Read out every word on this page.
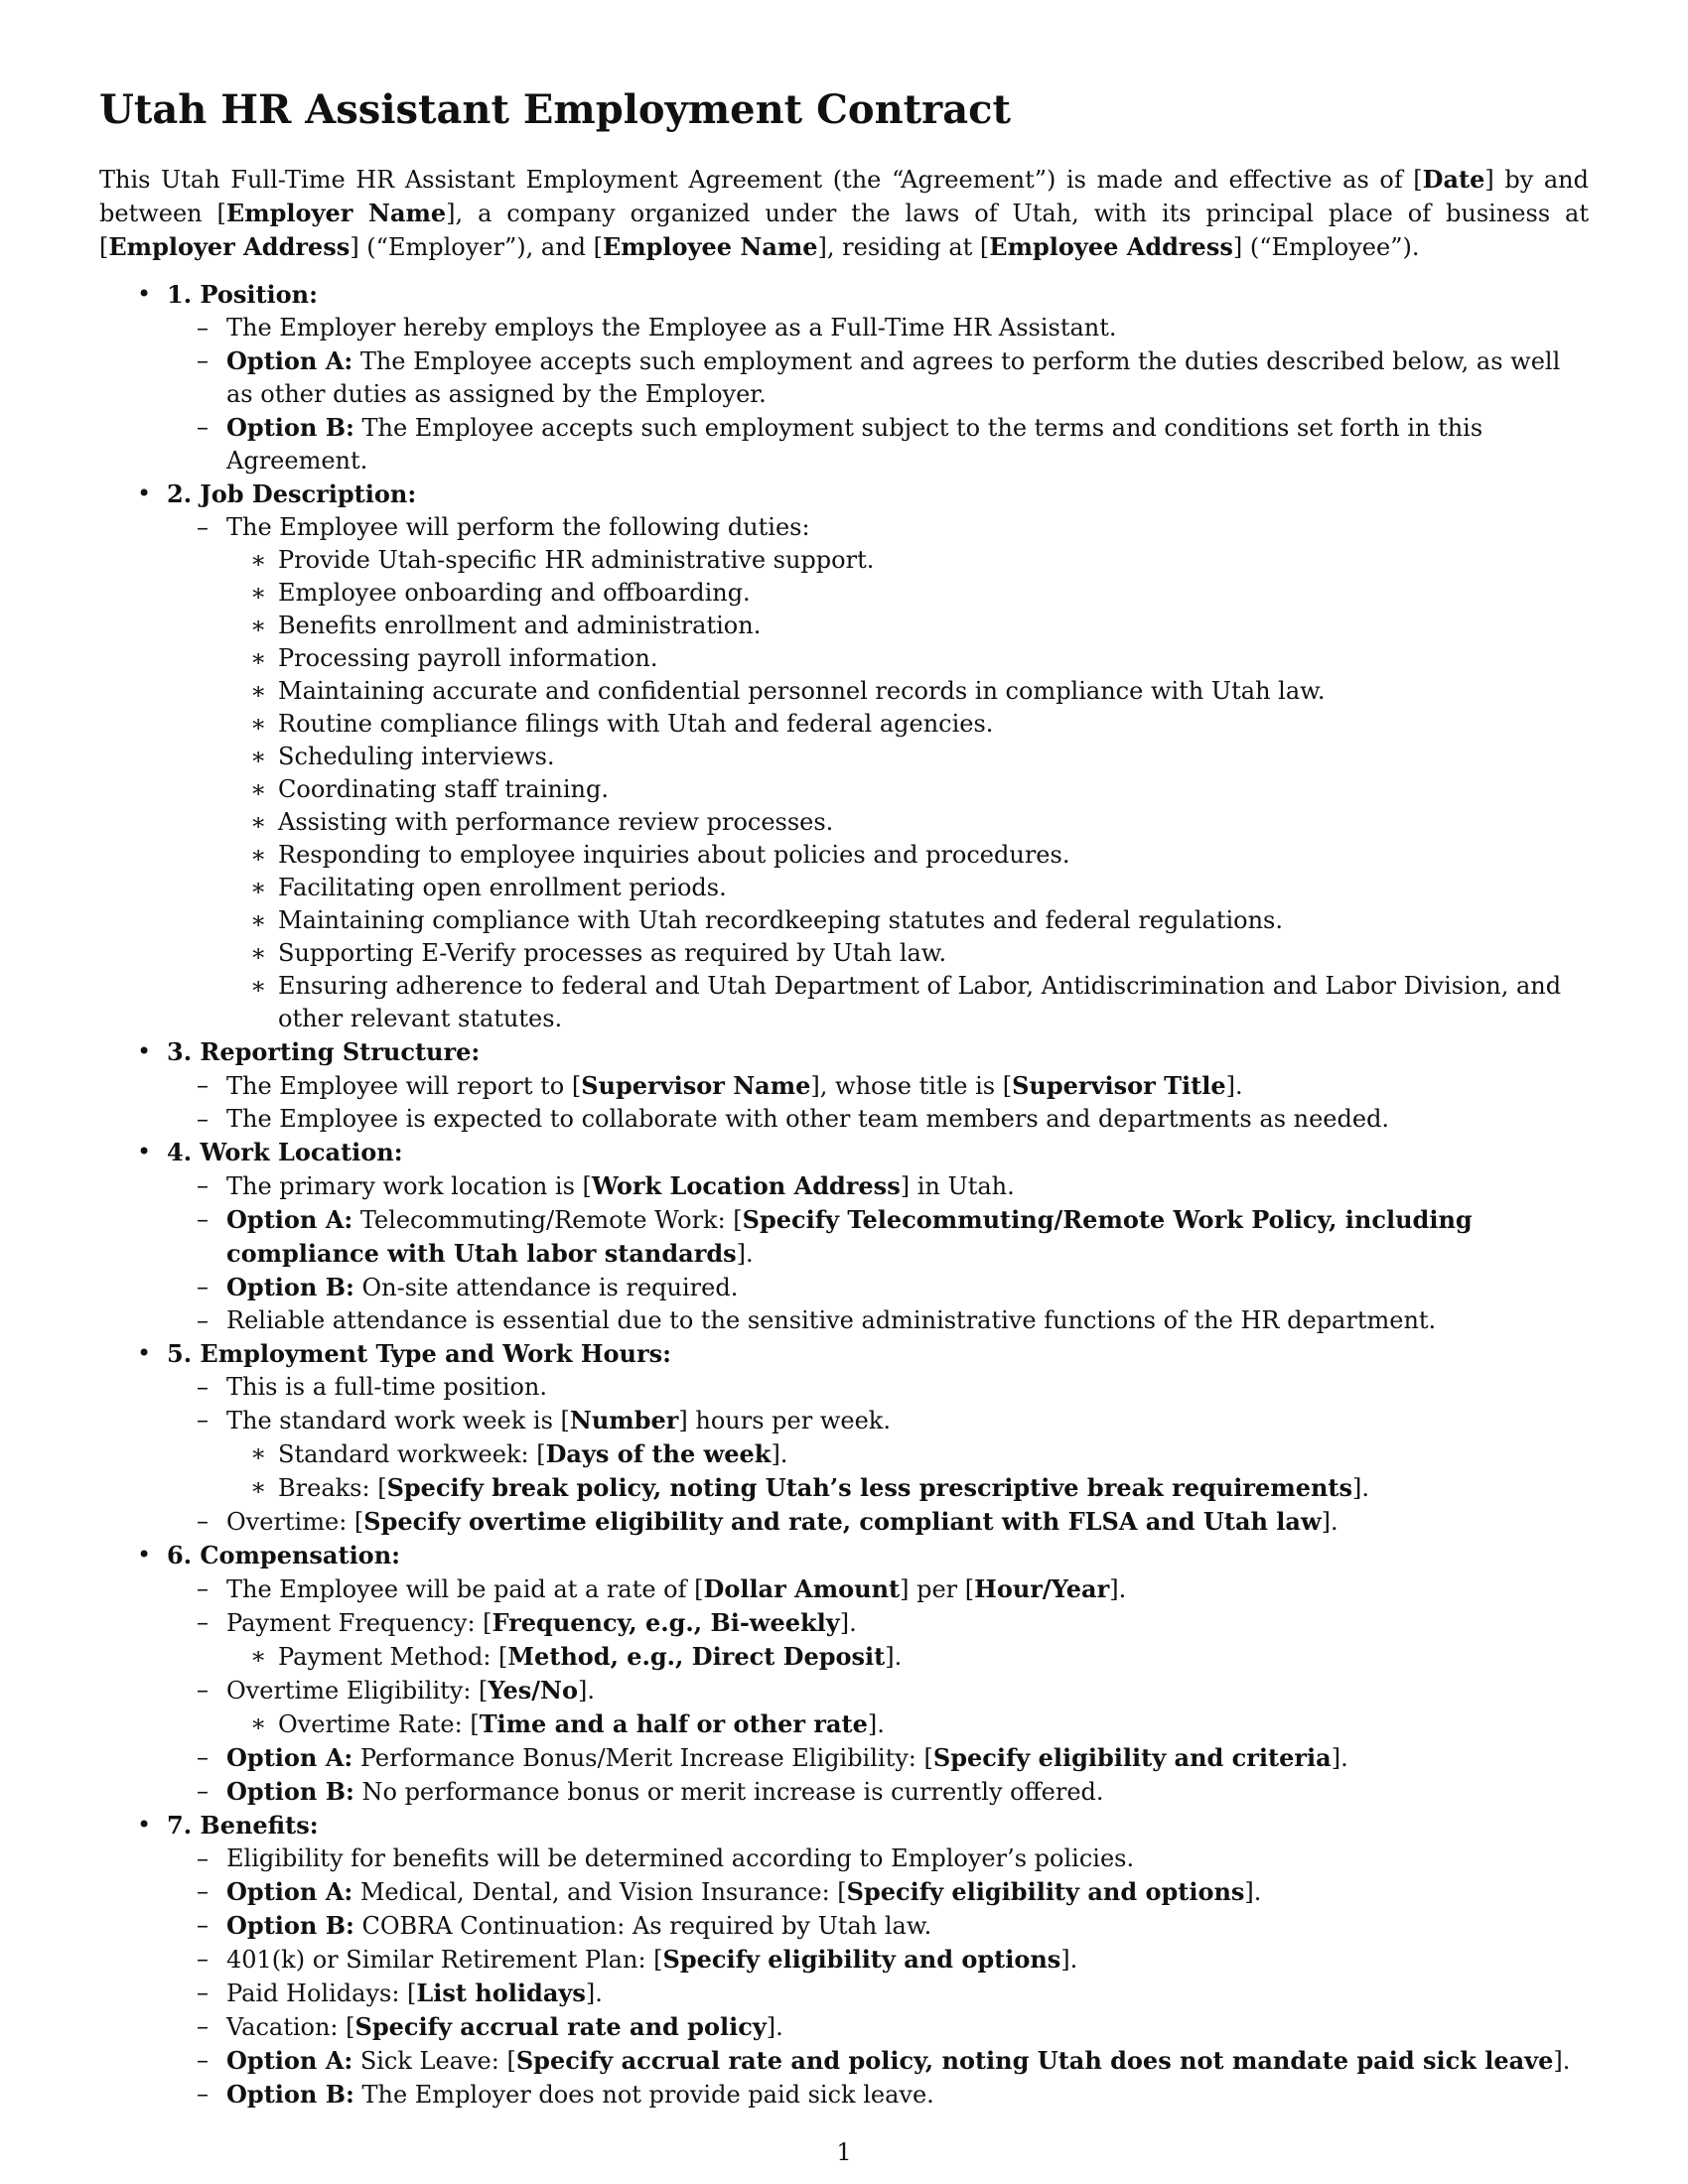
Utah HR Assistant Employment Contract

This Utah Full-Time HR Assistant Employment Agreement (the “Agreement”) is made and effective as of [Date] by and between [Employer Name], a company organized under the laws of Utah, with its principal place of business at [Employer Address] (“Employer”), and [Employee Name], residing at [Employee Address] (“Employee”).

• 1. Position:
– The Employer hereby employs the Employee as a Full-Time HR Assistant.
– Option A: The Employee accepts such employment and agrees to perform the duties described below, as well as other duties as assigned by the Employer.
– Option B: The Employee accepts such employment subject to the terms and conditions set forth in this Agreement.
• 2. Job Description:
– The Employee will perform the following duties:
∗ Provide Utah-specific HR administrative support.
∗ Employee onboarding and offboarding.
∗ Benefits enrollment and administration.
∗ Processing payroll information.
∗ Maintaining accurate and confidential personnel records in compliance with Utah law.
∗ Routine compliance filings with Utah and federal agencies.
∗ Scheduling interviews.
∗ Coordinating staff training.
∗ Assisting with performance review processes.
∗ Responding to employee inquiries about policies and procedures.
∗ Facilitating open enrollment periods.
∗ Maintaining compliance with Utah recordkeeping statutes and federal regulations.
∗ Supporting E-Verify processes as required by Utah law.
∗ Ensuring adherence to federal and Utah Department of Labor, Antidiscrimination and Labor Division, and other relevant statutes.
• 3. Reporting Structure:
– The Employee will report to [Supervisor Name], whose title is [Supervisor Title].
– The Employee is expected to collaborate with other team members and departments as needed.
• 4. Work Location:
– The primary work location is [Work Location Address] in Utah.
– Option A: Telecommuting/Remote Work: [Specify Telecommuting/Remote Work Policy, including compliance with Utah labor standards].
– Option B: On-site attendance is required.
– Reliable attendance is essential due to the sensitive administrative functions of the HR department.
• 5. Employment Type and Work Hours:
– This is a full-time position.
– The standard work week is [Number] hours per week.
∗ Standard workweek: [Days of the week].
∗ Breaks: [Specify break policy, noting Utah’s less prescriptive break requirements].
– Overtime: [Specify overtime eligibility and rate, compliant with FLSA and Utah law].
• 6. Compensation:
– The Employee will be paid at a rate of [Dollar Amount] per [Hour/Year].
– Payment Frequency: [Frequency, e.g., Bi-weekly].
∗ Payment Method: [Method, e.g., Direct Deposit].
– Overtime Eligibility: [Yes/No].
∗ Overtime Rate: [Time and a half or other rate].
– Option A: Performance Bonus/Merit Increase Eligibility: [Specify eligibility and criteria].
– Option B: No performance bonus or merit increase is currently offered.
• 7. Benefits:
– Eligibility for benefits will be determined according to Employer’s policies.
– Option A: Medical, Dental, and Vision Insurance: [Specify eligibility and options].
– Option B: COBRA Continuation: As required by Utah law.
– 401(k) or Similar Retirement Plan: [Specify eligibility and options].
– Paid Holidays: [List holidays].
– Vacation: [Specify accrual rate and policy].
– Option A: Sick Leave: [Specify accrual rate and policy, noting Utah does not mandate paid sick leave].
– Option B: The Employer does not provide paid sick leave.
1
